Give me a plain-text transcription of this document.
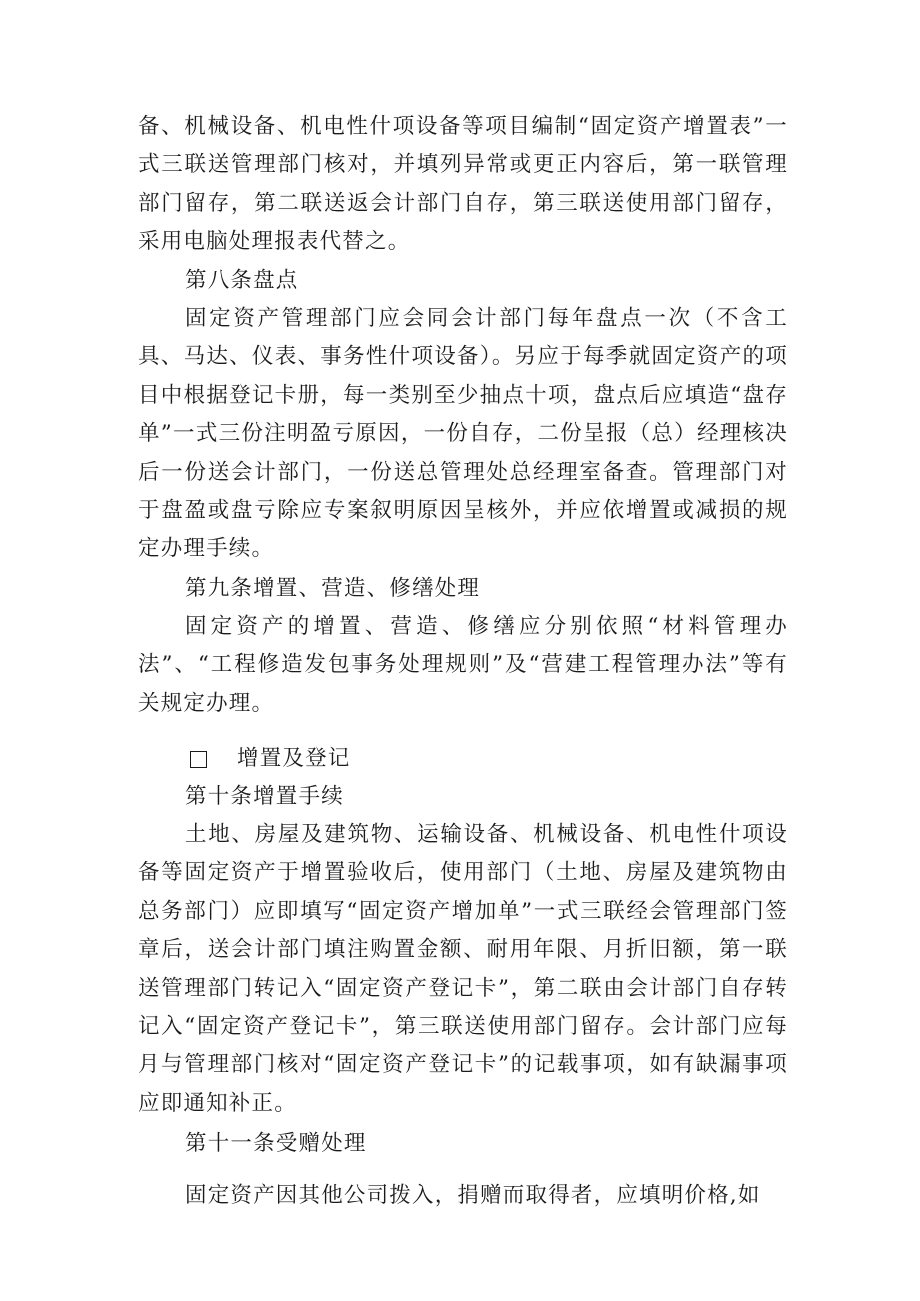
备、机械设备、机电性什项设备等项目编制“固定资产增置表”一式三联送管理部门核对，并填列异常或更正内容后，第一联管理部门留存，第二联送返会计部门自存，第三联送使用部门留存，采用电脑处理报表代替之。

第八条盘点

固定资产管理部门应会同会计部门每年盘点一次（不含工具、马达、仪表、事务性什项设备）。另应于每季就固定资产的项目中根据登记卡册，每一类别至少抽点十项，盘点后应填造“盘存单”一式三份注明盈亏原因，一份自存，二份呈报（总）经理核决后一份送会计部门，一份送总管理处总经理室备查。管理部门对于盘盈或盘亏除应专案叙明原因呈核外，并应依增置或减损的规定办理手续。

第九条增置、营造、修缮处理

固定资产的增置、营造、修缮应分别依照“材料管理办法”、“工程修造发包事务处理规则”及“营建工程管理办法”等有关规定办理。

增置及登记

第十条增置手续

土地、房屋及建筑物、运输设备、机械设备、机电性什项设备等固定资产于增置验收后，使用部门（土地、房屋及建筑物由总务部门）应即填写“固定资产增加单”一式三联经会管理部门签章后，送会计部门填注购置金额、耐用年限、月折旧额，第一联送管理部门转记入“固定资产登记卡”，第二联由会计部门自存转记入“固定资产登记卡”，第三联送使用部门留存。会计部门应每月与管理部门核对“固定资产登记卡”的记载事项，如有缺漏事项应即通知补正。

第十一条受赠处理

固定资产因其他公司拨入，捐赠而取得者，应填明价格,如
